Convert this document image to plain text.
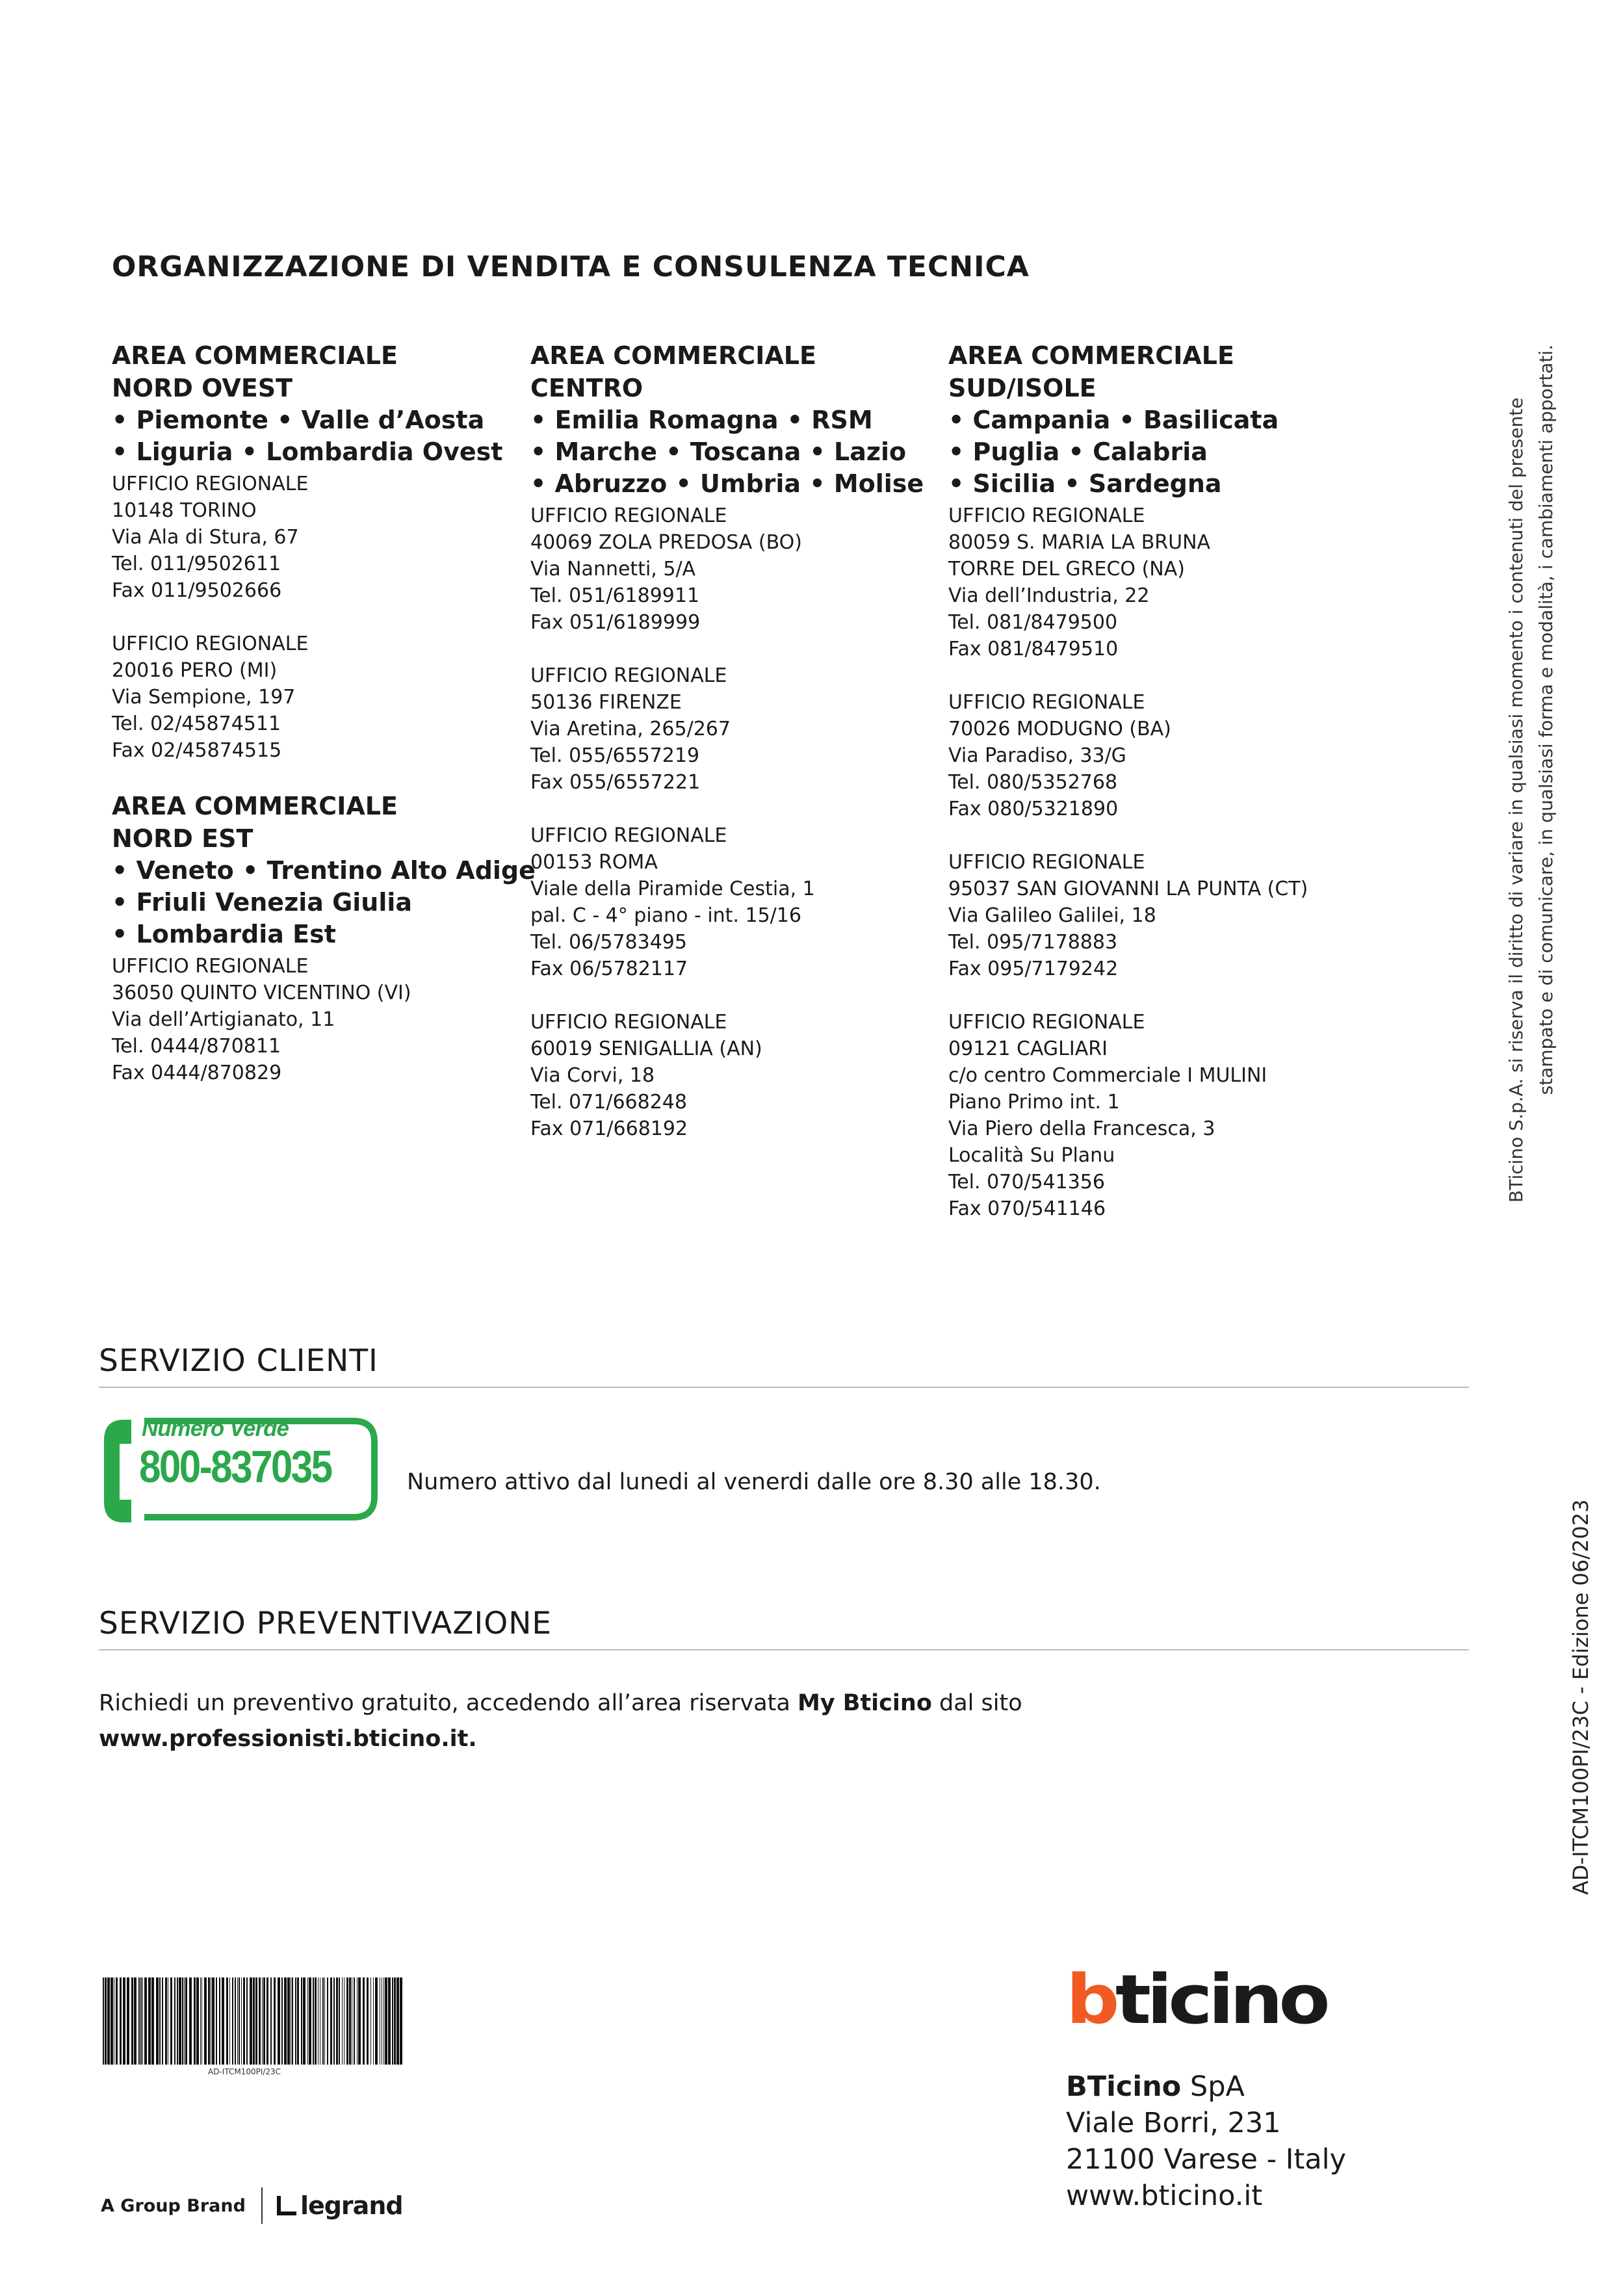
ORGANIZZAZIONE DI VENDITA E CONSULENZA TECNICA
AREA COMMERCIALE
NORD OVEST
• Piemonte • Valle d’Aosta
• Liguria • Lombardia Ovest
UFFICIO REGIONALE
10148 TORINO
Via Ala di Stura, 67
Tel. 011/9502611
Fax 011/9502666
UFFICIO REGIONALE
20016 PERO (MI)
Via Sempione, 197
Tel. 02/45874511
Fax 02/45874515
AREA COMMERCIALE
NORD EST
• Veneto • Trentino Alto Adige
• Friuli Venezia Giulia
• Lombardia Est
UFFICIO REGIONALE
36050 QUINTO VICENTINO (VI)
Via dell’Artigianato, 11
Tel. 0444/870811
Fax 0444/870829
AREA COMMERCIALE
CENTRO
• Emilia Romagna • RSM
• Marche • Toscana • Lazio
• Abruzzo • Umbria • Molise
UFFICIO REGIONALE
40069 ZOLA PREDOSA (BO)
Via Nannetti, 5/A
Tel. 051/6189911
Fax 051/6189999
UFFICIO REGIONALE
50136 FIRENZE
Via Aretina, 265/267
Tel. 055/6557219
Fax 055/6557221
UFFICIO REGIONALE
00153 ROMA
Viale della Piramide Cestia, 1
pal. C - 4° piano - int. 15/16
Tel. 06/5783495
Fax 06/5782117
UFFICIO REGIONALE
60019 SENIGALLIA (AN)
Via Corvi, 18
Tel. 071/668248
Fax 071/668192
AREA COMMERCIALE
SUD/ISOLE
• Campania • Basilicata
• Puglia • Calabria
• Sicilia • Sardegna
UFFICIO REGIONALE
80059 S. MARIA LA BRUNA
TORRE DEL GRECO (NA)
Via dell’Industria, 22
Tel. 081/8479500
Fax 081/8479510
UFFICIO REGIONALE
70026 MODUGNO (BA)
Via Paradiso, 33/G
Tel. 080/5352768
Fax 080/5321890
UFFICIO REGIONALE
95037 SAN GIOVANNI LA PUNTA (CT)
Via Galileo Galilei, 18
Tel. 095/7178883
Fax 095/7179242
UFFICIO REGIONALE
09121 CAGLIARI
c/o centro Commerciale I MULINI
Piano Primo int. 1
Via Piero della Francesca, 3
Località Su Planu
Tel. 070/541356
Fax 070/541146
BTicino S.p.A. si riserva il diritto di variare in qualsiasi momento i contenuti del presente stampato e di comunicare, in qualsiasi forma e modalità, i cambiamenti apportati.
AD-ITCM100PI/23C - Edizione 06/2023
SERVIZIO CLIENTI
Numero Verde
800-837035	Numero attivo dal lunedi al venerdi dalle ore 8.30 alle 18.30.
SERVIZIO PREVENTIVAZIONE
Richiedi un preventivo gratuito, accedendo all’area riservata My Bticino dal sito
www.professionisti.bticino.it.
AD-ITCM100PI/23C
A Group Brand legrand
bticino
BTicino SpA
Viale Borri, 231
21100 Varese - Italy
www.bticino.it
